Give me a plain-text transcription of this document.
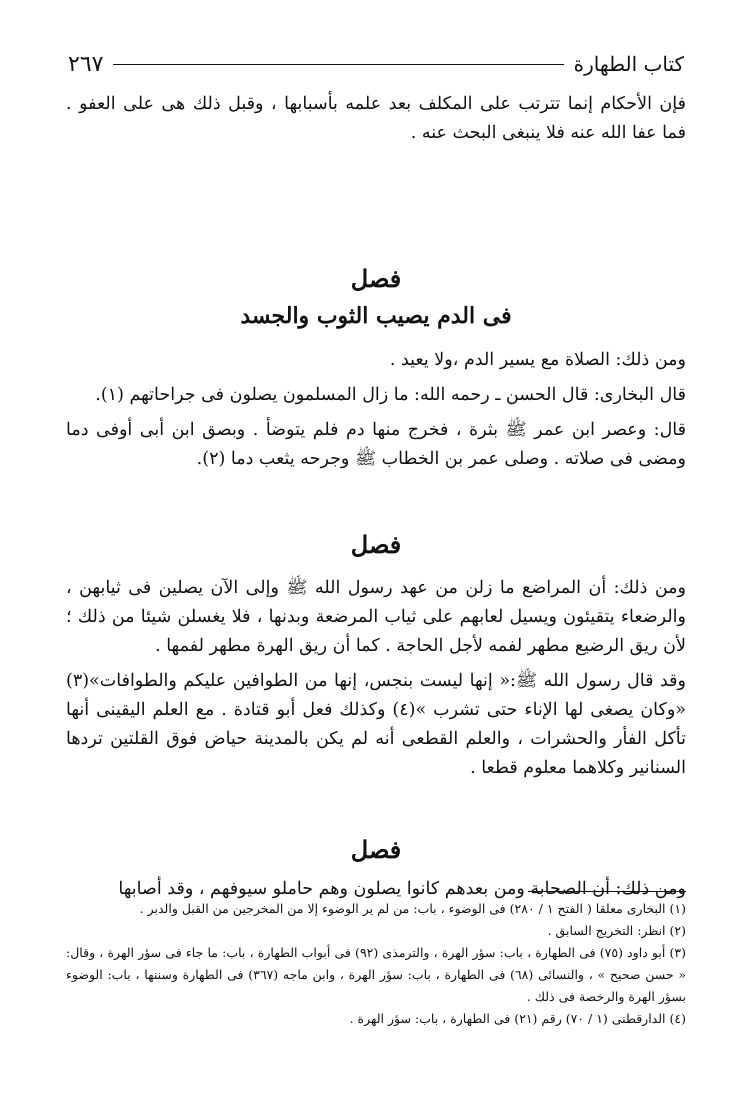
٢٦٧	كتاب الطهارة

فإن الأحكام إنما تترتب على المكلف بعد علمه بأسبابها ، وقبل ذلك هى على العفو . فما عفا الله عنه فلا ينبغى البحث عنه .

فصل
فى الدم يصيب الثوب والجسد

ومن ذلك: الصلاة مع يسير الدم ،ولا يعيد .

قال البخارى: قال الحسن ـ رحمه الله: ما زال المسلمون يصلون فى جراحاتهم (١).

قال: وعصر ابن عمر ﷺ بثرة ، فخرج منها دم فلم يتوضأ . وبصق ابن أبى أوفى دما ومضى فى صلاته . وصلى عمر بن الخطاب ﷺ وجرحه يثعب دما (٢).

فصل

ومن ذلك: أن المراضع ما زلن من عهد رسول الله ﷺ وإلى الآن يصلين فى ثيابهن ، والرضعاء يتقيئون ويسيل لعابهم على ثياب المرضعة وبدنها ، فلا يغسلن شيئا من ذلك ؛ لأن ريق الرضيع مطهر لفمه لأجل الحاجة . كما أن ريق الهرة مطهر لفمها .

وقد قال رسول الله ﷺ:« إنها ليست بنجس، إنها من الطوافين عليكم والطوافات»(٣) «وكان يصغى لها الإناء حتى تشرب »(٤) وكذلك فعل أبو قتادة . مع العلم اليقينى أنها تأكل الفأر والحشرات ، والعلم القطعى أنه لم يكن بالمدينة حياض فوق القلتين تردها السنانير وكلاهما معلوم قطعا .

فصل

ومن ذلك: أن الصحابة ومن بعدهم كانوا يصلون وهم حاملو سيوفهم ، وقد أصابها

(١) البخارى معلقا ( الفتح ١ / ٢٨٠) فى الوضوء ، باب: من لم ير الوضوء إلا من المخرجين من القبل والدبر .

(٢) انظر: التخريج السابق .

(٣) أبو داود (٧٥) فى الطهارة ، باب: سؤر الهرة ، والترمذى (٩٢) فى أبواب الطهارة ، باب: ما جاء فى سؤر الهرة ، وقال: « حسن صحيح » ، والنسائى (٦٨) فى الطهارة ، باب: سؤر الهرة ، وابن ماجه (٣٦٧) فى الطهارة وسننها ، باب: الوضوء بسؤر الهرة والرخصة فى ذلك .

(٤) الدارقطنى (١ / ٧٠) رقم (٢١) فى الطهارة ، باب: سؤر الهرة .
